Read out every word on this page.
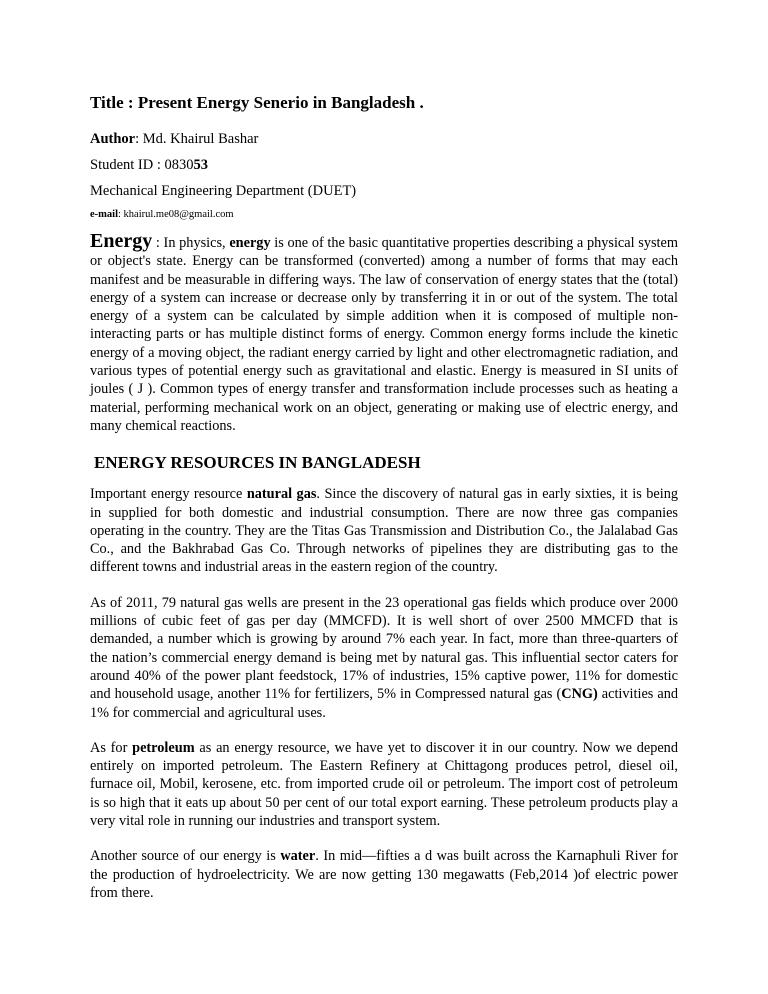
Title : Present Energy Senerio in Bangladesh .

Author: Md. Khairul Bashar

Student ID : 083053

Mechanical Engineering Department (DUET)

e-mail: khairul.me08@gmail.com

Energy : In physics, energy is one of the basic quantitative properties describing a physical system or object's state. Energy can be transformed (converted) among a number of forms that may each manifest and be measurable in differing ways. The law of conservation of energy states that the (total) energy of a system can increase or decrease only by transferring it in or out of the system. The total energy of a system can be calculated by simple addition when it is composed of multiple non-interacting parts or has multiple distinct forms of energy. Common energy forms include the kinetic energy of a moving object, the radiant energy carried by light and other electromagnetic radiation, and various types of potential energy such as gravitational and elastic. Energy is measured in SI units of joules ( J ). Common types of energy transfer and transformation include processes such as heating a material, performing mechanical work on an object, generating or making use of electric energy, and many chemical reactions.

ENERGY RESOURCES IN BANGLADESH

Important energy resource natural gas. Since the discovery of natural gas in early sixties, it is being in supplied for both domestic and industrial consumption. There are now three gas companies operating in the country. They are the Titas Gas Transmission and Distribution Co., the Jalalabad Gas Co., and the Bakhrabad Gas Co. Through networks of pipelines they are distributing gas to the different towns and industrial areas in the eastern region of the country.

As of 2011, 79 natural gas wells are present in the 23 operational gas fields which produce over 2000 millions of cubic feet of gas per day (MMCFD). It is well short of over 2500 MMCFD that is demanded, a number which is growing by around 7% each year. In fact, more than three-quarters of the nation’s commercial energy demand is being met by natural gas. This influential sector caters for around 40% of the power plant feedstock, 17% of industries, 15% captive power, 11% for domestic and household usage, another 11% for fertilizers, 5% in Compressed natural gas (CNG) activities and 1% for commercial and agricultural uses.

As for petroleum as an energy resource, we have yet to discover it in our country. Now we depend entirely on imported petroleum. The Eastern Refinery at Chittagong produces petrol, diesel oil, furnace oil, Mobil, kerosene, etc. from imported crude oil or petroleum. The import cost of petroleum is so high that it eats up about 50 per cent of our total export earning. These petroleum products play a very vital role in running our industries and transport system.

Another source of our energy is water. In mid—fifties a d was built across the Karnaphuli River for the production of hydroelectricity. We are now getting 130 megawatts (Feb,2014 )of electric power from there.
